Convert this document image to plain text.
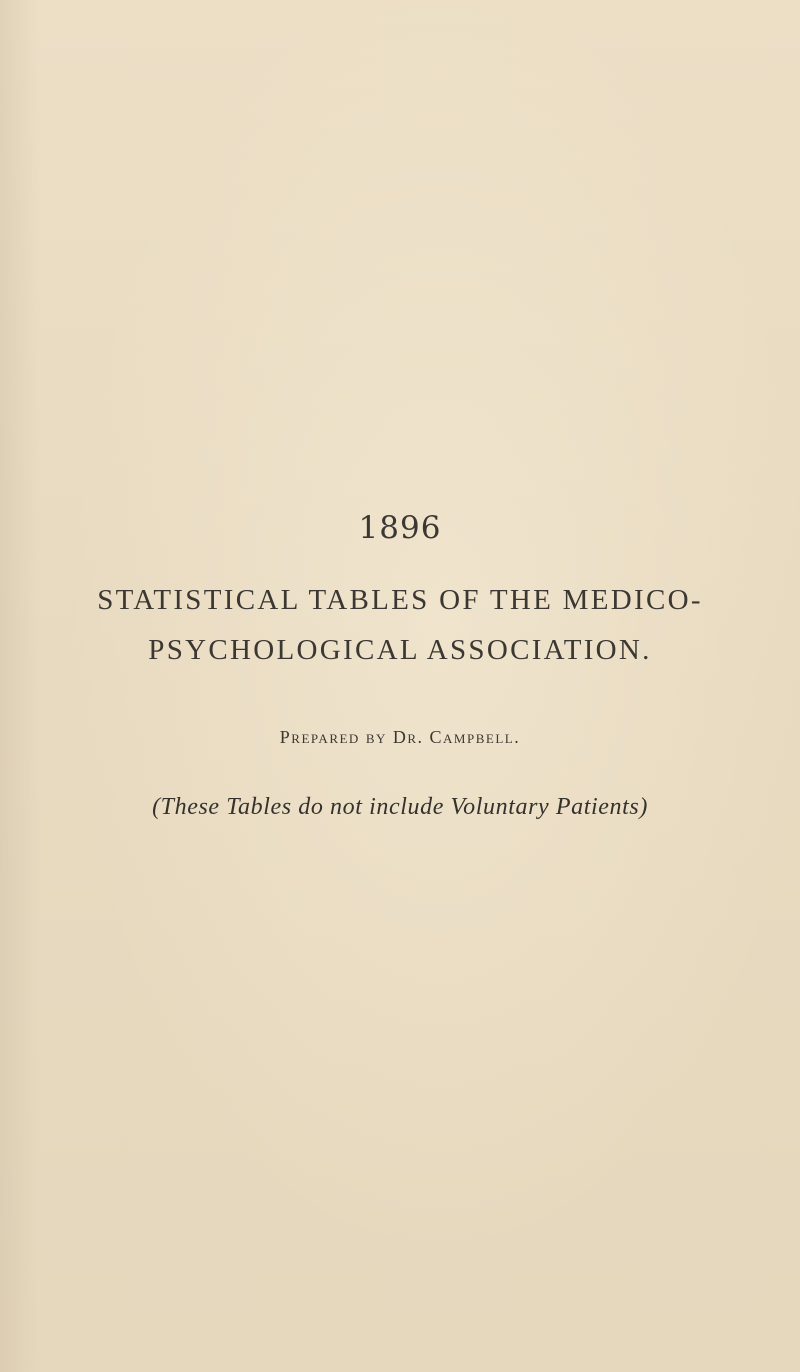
1896
STATISTICAL TABLES OF THE MEDICO-
PSYCHOLOGICAL ASSOCIATION.
Prepared by Dr. Campbell.
(These Tables do not include Voluntary Patients)
